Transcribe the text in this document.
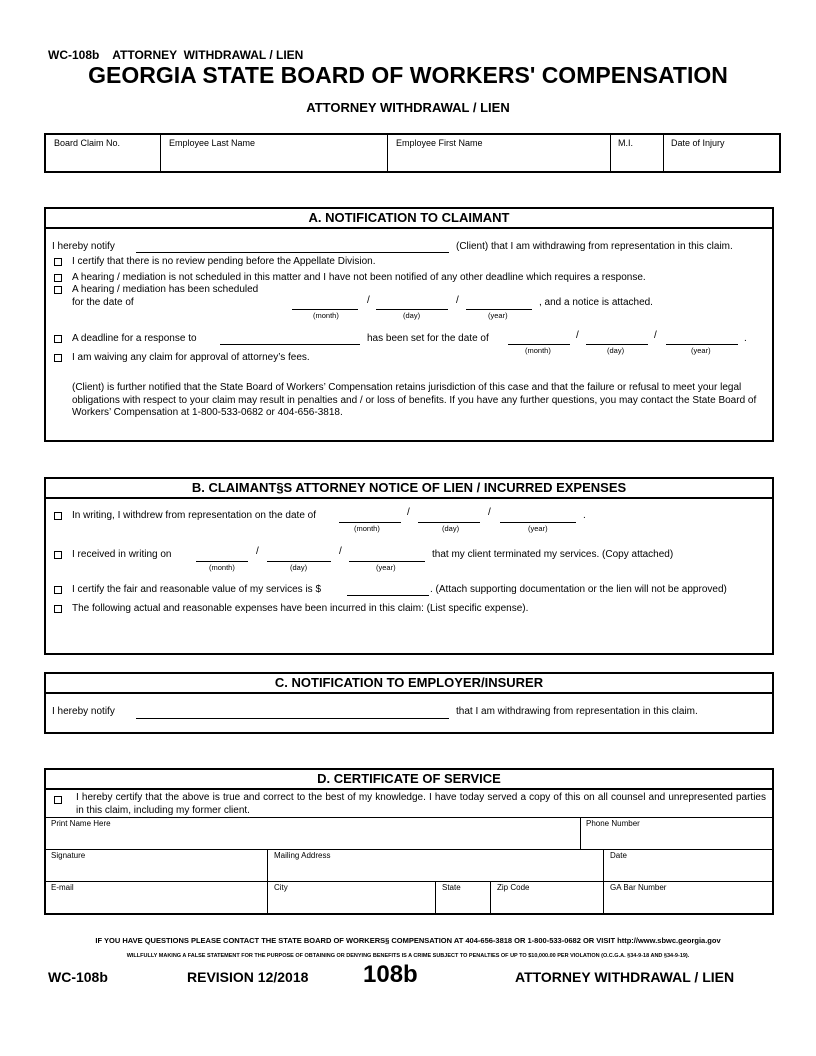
WC-108b    ATTORNEY  WITHDRAWAL / LIEN
GEORGIA STATE BOARD OF WORKERS' COMPENSATION
ATTORNEY WITHDRAWAL / LIEN
Board Claim No.	Employee Last Name	Employee First Name	M.I.	Date of Injury
A. NOTIFICATION TO CLAIMANT
I hereby notify	(Client) that I am withdrawing from representation in this claim.
I certify that there is no review pending before the Appellate Division.
A hearing / mediation is not scheduled in this matter and I have not been notified of any other deadline which requires a response.
A hearing / mediation has been scheduled
for the date of	/	/	, and a notice is attached.
(month)	(day)	(year)
A deadline for a response to	has been set for the date of	/	/	.
(month)	(day)	(year)
I am waiving any claim for approval of attorney’s fees.
(Client) is further notified that the State Board of Workers’ Compensation retains jurisdiction of this case and that the failure or refusal to meet your legal obligations with respect to your claim may result in penalties and / or loss of benefits. If you have any further questions, you may contact the State Board of Workers’ Compensation at 1-800-533-0682 or 404-656-3818.
B. CLAIMANT§S ATTORNEY NOTICE OF LIEN / INCURRED EXPENSES
In writing, I withdrew from representation on the date of	/	/	.
(month)	(day)	(year)
I received in writing on	/	/	that my client terminated my services. (Copy attached)
(month)	(day)	(year)
I certify the fair and reasonable value of my services is $	. (Attach supporting documentation or the lien will not be approved)
The following actual and reasonable expenses have been incurred in this claim: (List specific expense).
C. NOTIFICATION TO EMPLOYER/INSURER
I hereby notify	that I am withdrawing from representation in this claim.
D. CERTIFICATE OF SERVICE
I hereby certify that the above is true and correct to the best of my knowledge. I have today served a copy of this on all counsel and unrepresented parties in this claim, including my former client.
Print Name Here	Phone Number
Signature	Mailing Address	Date
E-mail	City	State	Zip Code	GA Bar Number
IF YOU HAVE QUESTIONS PLEASE CONTACT THE STATE BOARD OF WORKERS§ COMPENSATION AT 404-656-3818 OR 1-800-533-0682 OR VISIT http://www.sbwc.georgia.gov
WILLFULLY MAKING A FALSE STATEMENT FOR THE PURPOSE OF OBTAINING OR DENYING BENEFITS IS A CRIME SUBJECT TO PENALTIES OF UP TO $10,000.00 PER VIOLATION (O.C.G.A. §34-9-18 AND §34-9-19).
WC-108b	REVISION 12/2018 108b	ATTORNEY WITHDRAWAL / LIEN
